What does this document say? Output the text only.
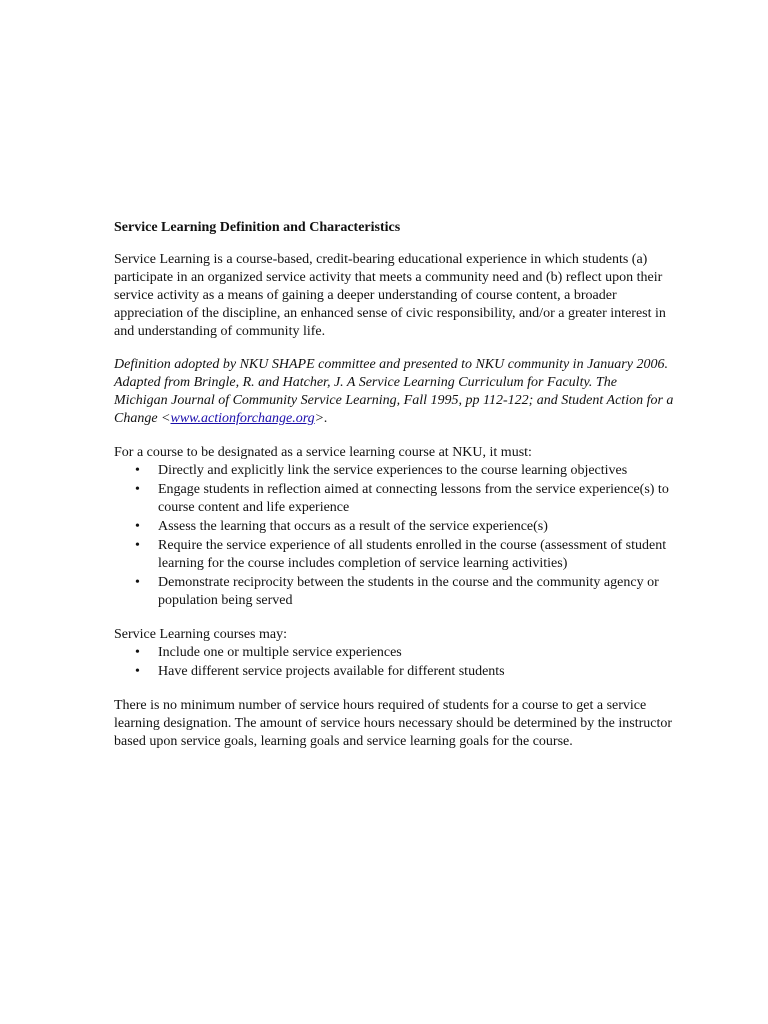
Service Learning Definition and Characteristics

Service Learning is a course-based, credit-bearing educational experience in which students (a) participate in an organized service activity that meets a community need and (b) reflect upon their service activity as a means of gaining a deeper understanding of course content, a broader appreciation of the discipline, an enhanced sense of civic responsibility, and/or a greater interest in and understanding of community life.

Definition adopted by NKU SHAPE committee and presented to NKU community in January 2006. Adapted from Bringle, R. and Hatcher, J. A Service Learning Curriculum for Faculty. The Michigan Journal of Community Service Learning, Fall 1995, pp 112-122; and Student Action for a Change <www.actionforchange.org>.

For a course to be designated as a service learning course at NKU, it must:

• Directly and explicitly link the service experiences to the course learning objectives
• Engage students in reflection aimed at connecting lessons from the service experience(s) to course content and life experience
• Assess the learning that occurs as a result of the service experience(s)
• Require the service experience of all students enrolled in the course (assessment of student learning for the course includes completion of service learning activities)
• Demonstrate reciprocity between the students in the course and the community agency or population being served

Service Learning courses may:

• Include one or multiple service experiences
• Have different service projects available for different students

There is no minimum number of service hours required of students for a course to get a service learning designation. The amount of service hours necessary should be determined by the instructor based upon service goals, learning goals and service learning goals for the course.
